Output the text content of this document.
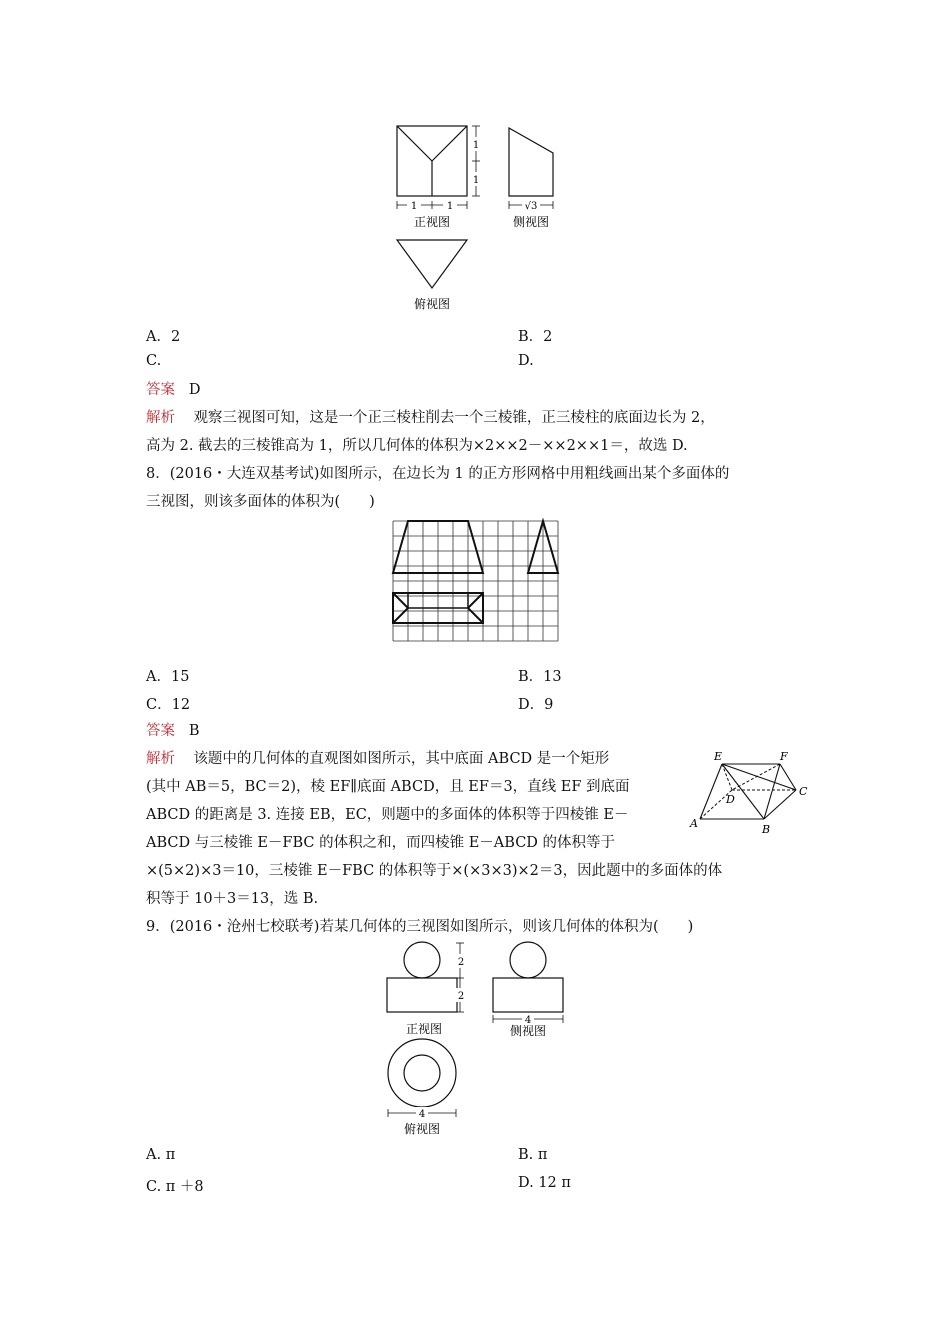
1	1
1
1
正视图
√3
侧视图
俯视图
A．2	B．2
C.	D.
答案 D
解析 观察三视图可知，这是一个正三棱柱削去一个三棱锥，正三棱柱的底面边长为 2，
高为 2. 截去的三棱锥高为 1，所以几何体的体积为×2××2－××2××1＝，故选 D.
8．(2016・大连双基考试)如图所示，在边长为 1 的正方形网格中用粗线画出某个多面体的
三视图，则该多面体的体积为(　　)
A．15	B．13
C．12	D．9
答案 B
解析 该题中的几何体的直观图如图所示，其中底面 ABCD 是一个矩形
(其中 AB＝5，BC＝2)，棱 EF∥底面 ABCD，且 EF＝3，直线 EF 到底面
ABCD 的距离是 3. 连接 EB，EC，则题中的多面体的体积等于四棱锥 E－
ABCD 与三棱锥 E－FBC 的体积之和，而四棱锥 E－ABCD 的体积等于
×(5×2)×3＝10，三棱锥 E－FBC 的体积等于×(×3×3)×2＝3，因此题中的多面体的体
积等于 10＋3＝13，选 B.
E	F
D
C
A	B
9．(2016・沧州七校联考)若某几何体的三视图如图所示，则该几何体的体积为(　　)
2
2
正视图
4
侧视图
4
俯视图
A. π	B. π
C. π ＋8	D. 12 π
